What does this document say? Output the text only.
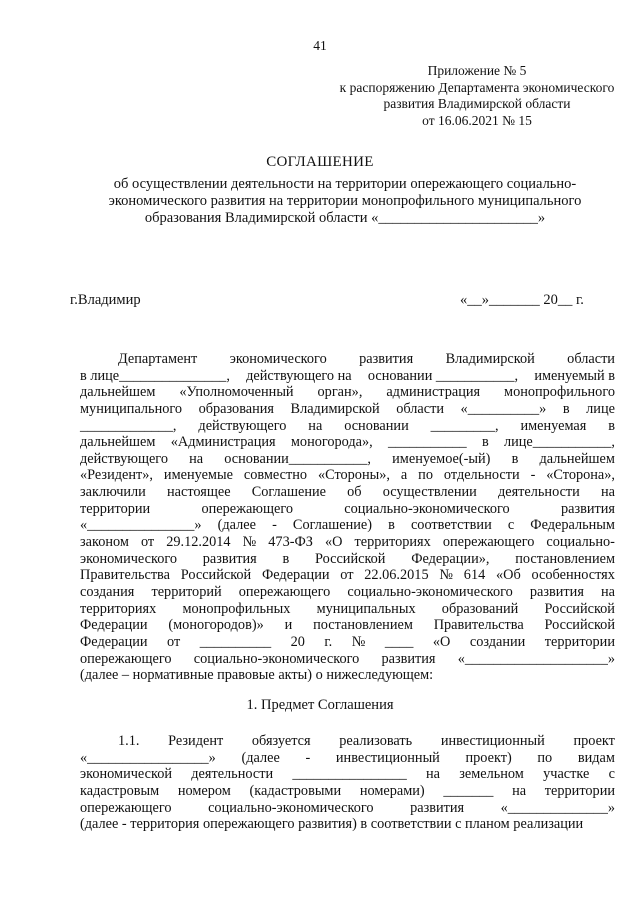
41
Приложение № 5
к распоряжению Департамента экономического
развития Владимирской области
от 16.06.2021 № 15
СОГЛАШЕНИЕ
об осуществлении деятельности на территории опережающего социально-
экономического развития на территории монопрофильного муниципального
образования Владимирской области «______________________»
г.Владимир	«__»_______ 20__ г.
Департамент экономического развития Владимирской области
в лице_______________, действующего на основании ___________, именуемый в
дальнейшем «Уполномоченный орган», администрация монопрофильного
муниципального образования Владимирской области «__________» в лице
_____________, действующего на основании _________, именуемая в
дальнейшем «Администрация моногорода», ___________ в лице___________,
действующего на основании___________, именуемое(-ый) в дальнейшем
«Резидент», именуемые совместно «Стороны», а по отдельности - «Сторона»,
заключили настоящее Соглашение об осуществлении деятельности на
территории	опережающего	социально-экономического	развития
«_______________» (далее - Соглашение) в соответствии с Федеральным
законом от 29.12.2014 № 473-ФЗ «О территориях опережающего социально-
экономического развития в Российской Федерации», постановлением
Правительства Российской Федерации от 22.06.2015 № 614 «Об особенностях
создания территорий опережающего социально-экономического развития на
территориях монопрофильных муниципальных образований Российской
Федерации (моногородов)» и постановлением Правительства Российской
Федерации от __________ 20 г. № ____ «О создании территории
опережающего социально-экономического развития «____________________»
(далее – нормативные правовые акты) о нижеследующем:
1. Предмет Соглашения
1.1. Резидент обязуется реализовать инвестиционный проект
«_________________» (далее - инвестиционный проект) по видам
экономической деятельности ________________ на земельном участке с
кадастровым номером (кадастровыми номерами) _______ на территории
опережающего	социально-экономического	развития	«______________»
(далее - территория опережающего развития) в соответствии с планом реализации
